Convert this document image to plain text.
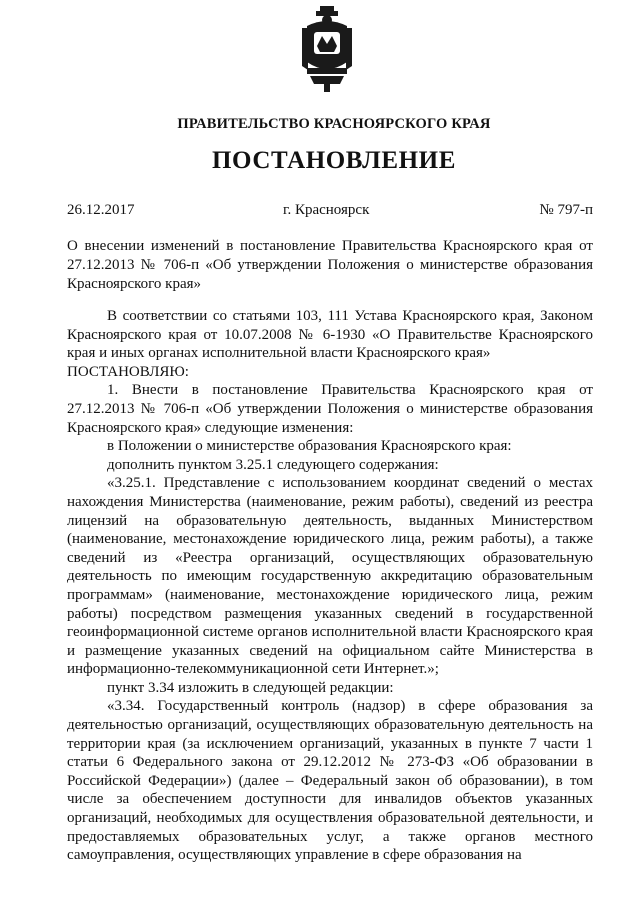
ПРАВИТЕЛЬСТВО КРАСНОЯРСКОГО КРАЯ
ПОСТАНОВЛЕНИЕ
26.12.2017	г. Красноярск	№ 797-п
О внесении изменений в постановление Правительства Красноярского края от 27.12.2013 № 706-п «Об утверждении Положения о министерстве образования Красноярского края»

В соответствии со статьями 103, 111 Устава Красноярского края, Законом Красноярского края от 10.07.2008 № 6-1930 «О Правительстве Красноярского края и иных органах исполнительной власти Красноярского края»

ПОСТАНОВЛЯЮ:

1. Внести в постановление Правительства Красноярского края от 27.12.2013 № 706-п «Об утверждении Положения о министерстве образования Красноярского края» следующие изменения:

в Положении о министерстве образования Красноярского края:

дополнить пунктом 3.25.1 следующего содержания:

«3.25.1. Представление с использованием координат сведений о местах нахождения Министерства (наименование, режим работы), сведений из реестра лицензий на образовательную деятельность, выданных Министерством (наименование, местонахождение юридического лица, режим работы), а также сведений из «Реестра организаций, осуществляющих образовательную деятельность по имеющим государственную аккредитацию образовательным программам» (наименование, местонахождение юридического лица, режим работы) посредством размещения указанных сведений в государственной геоинформационной системе органов исполнительной власти Красноярского края и размещение указанных сведений на официальном сайте Министерства в информационно-телекоммуникационной сети Интернет.»;

пункт 3.34 изложить в следующей редакции:

«3.34. Государственный контроль (надзор) в сфере образования за деятельностью организаций, осуществляющих образовательную деятельность на территории края (за исключением организаций, указанных в пункте 7 части 1 статьи 6 Федерального закона от 29.12.2012 № 273-ФЗ «Об образовании в Российской Федерации») (далее – Федеральный закон об образовании), в том числе за обеспечением доступности для инвалидов объектов указанных организаций, необходимых для осуществления образовательной деятельности, и предоставляемых образовательных услуг, а также органов местного самоуправления, осуществляющих управление в сфере образования на
